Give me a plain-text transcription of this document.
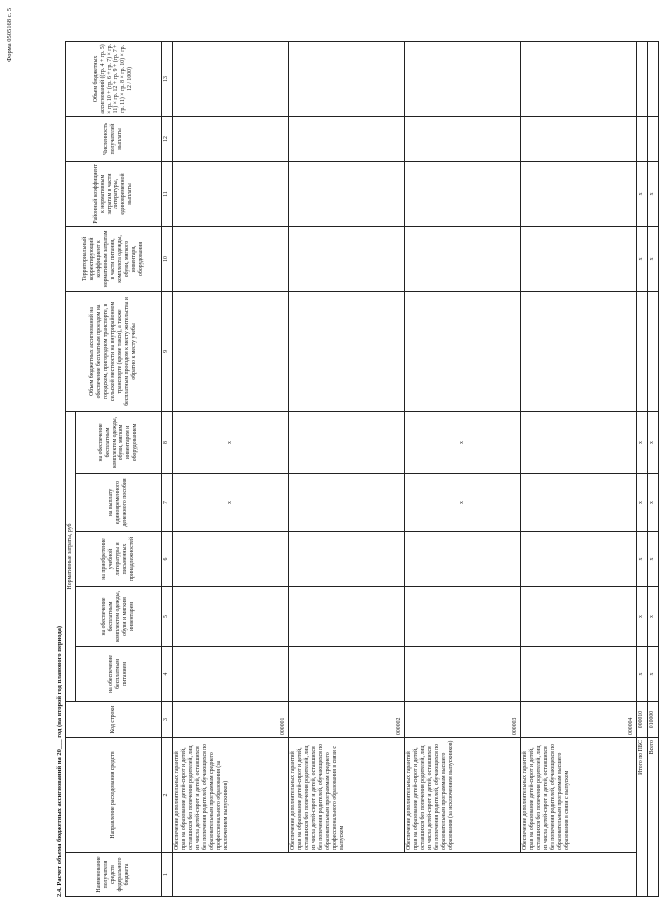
Форма 0505168 с. 5
2.4. Расчет объема бюджетных ассигнований на 20___ год (на второй год планового периода)	Наименование получателя средств федерального бюджета	Направление расходования средств	Код строки	Нормативные затраты, руб					Объем бюджетных ассигнований на обеспечение бесплатным проездом на городском, пригородном транспорте, в сельской местности на внутрирайонном транспорте (кроме такси), а также бесплатным проездом к месту жительства и обратно к месту учебы	Территориальный корректирующий коэффициент к нормативным затратам в части питания, комплекта одежды, обуви, мягкого инвентаря, оборудования	Районный коэффициент к нормативным затратам в части литературы, единовременной выплаты	Численность получателей выплаты	Объем бюджетных ассигнований ((гр. 4 + гр. 5) × гр. 10 + (гр. 6 + гр. 7) × гр. 11) × гр. 12 + гр. 9 + (гр. 7 + гр. 11) × гр. 8 × гр. 10) × гр. 12 / 1000)
			на обеспечение бесплатным питанием	на обеспечение бесплатным комплектом одежды, обуви и мягким инвентарем	на приобретение учебной литературы и письменных принадлежностей	на выплату единовременного денежного пособия	на обеспечение бесплатным комплектом одежды, обуви, мягким инвентарем и оборудованием					
1	2	3	4	5	6	7	8	9	10	11	12	13
	Обеспечение дополнительных гарантий прав на образование детей-сирот и детей, оставшихся без попечения родителей, лиц из числа детей-сирот и детей, оставшихся без попечения родителей, обучающихся по образовательным программам среднего профессионального образования (за исключением выпускников)	000001				х	х					
	Обеспечение дополнительных гарантий прав на образование детей-сирот и детей, оставшихся без попечения родителей, лиц из числа детей-сирот и детей, оставшихся без попечения родителей, обучающихся по образовательным программам среднего профессионального образования в связи с выпуском	000002										
	Обеспечение дополнительных гарантий прав на образование детей-сирот и детей, оставшихся без попечения родителей, лиц из числа детей-сирот и детей, оставшихся без попечения родителей, обучающихся по образовательным программам высшего образования (за исключением выпускников)	000003				х	х					
	Обеспечение дополнительных гарантий прав на образование детей-сирот и детей, оставшихся без попечения родителей, лиц из числа детей-сирот и детей, оставшихся без попечения родителей, обучающихся по образовательным программам высшего образования в связи с выпуском	000004										
Итого по ПБС		000010	х	х	х	х	х		х	х		
Всего		010000	х	х	х	х	х		х	х		
